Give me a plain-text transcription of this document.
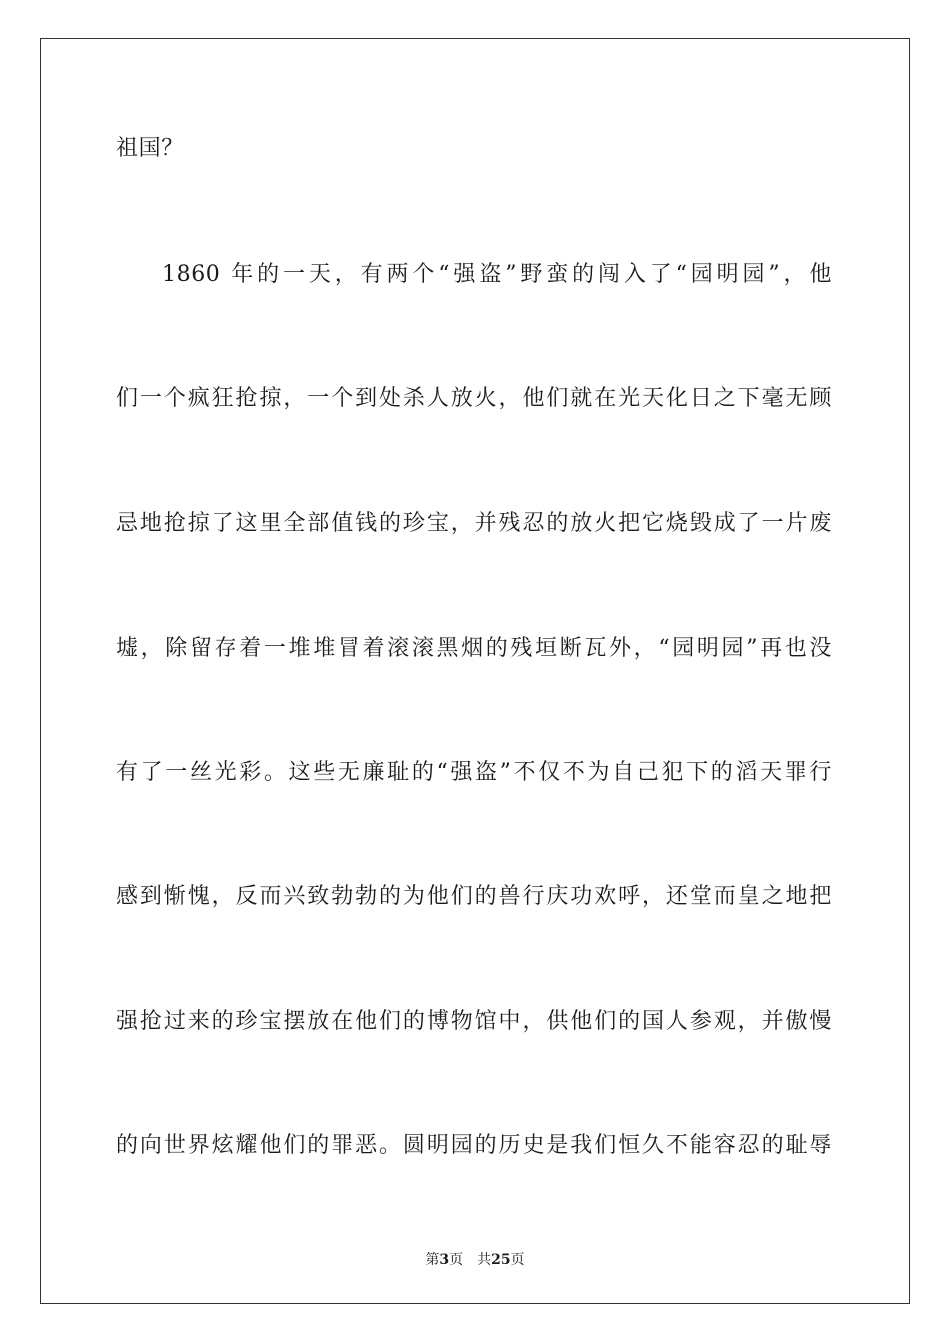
祖国？
1860 年的一天，有两个“强盗”野蛮的闯入了“园明园”，他
们一个疯狂抢掠，一个到处杀人放火，他们就在光天化日之下毫无顾
忌地抢掠了这里全部值钱的珍宝，并残忍的放火把它烧毁成了一片废
墟，除留存着一堆堆冒着滚滚黑烟的残垣断瓦外，“园明园”再也没
有了一丝光彩。这些无廉耻的“强盗”不仅不为自己犯下的滔天罪行
感到惭愧，反而兴致勃勃的为他们的兽行庆功欢呼，还堂而皇之地把
强抢过来的珍宝摆放在他们的博物馆中，供他们的国人参观，并傲慢
的向世界炫耀他们的罪恶。圆明园的历史是我们恒久不能容忍的耻辱
第3页 共25页
